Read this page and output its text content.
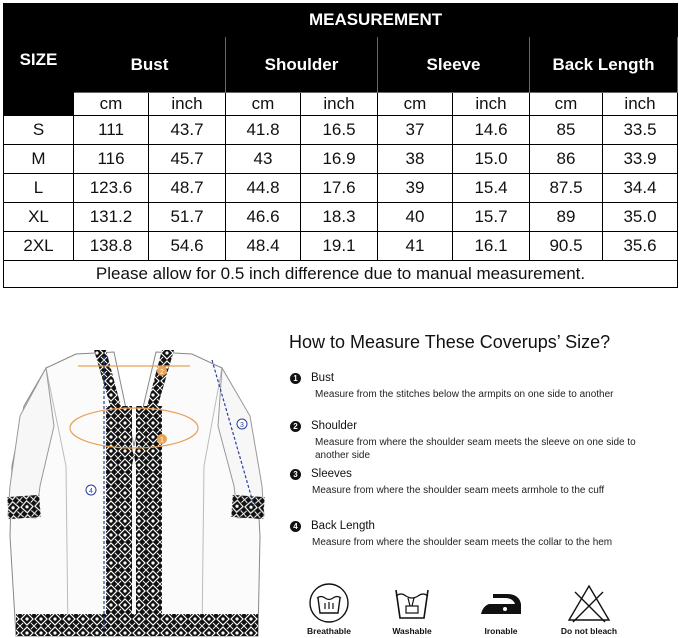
SIZE	MEASUREMENT							
	Bust		Shoulder		Sleeve		Back Length	
	cm	inch	cm	inch	cm	inch	cm	inch
S	111	43.7	41.8	16.5	37	14.6	85	33.5
M	116	45.7	43	16.9	38	15.0	86	33.9
L	123.6	48.7	44.8	17.6	39	15.4	87.5	34.4
XL	131.2	51.7	46.6	18.3	40	15.7	89	35.0
2XL	138.8	54.6	48.4	19.1	41	16.1	90.5	35.6
Please allow for 0.5 inch difference due to manual measurement.								
2
1
3
4
How to Measure These Coverups’ Size?
1 Bust
Measure from the stitches below the armpits on one side to another
2 Shoulder
Measure from where the shoulder seam meets the sleeve on one side to another side
3 Sleeves
Measure from where the shoulder seam meets armhole to the cuff
4 Back Length
Measure from where the shoulder seam meets the collar to the hem
Breathable	Washable	Ironable	Do not bleach
